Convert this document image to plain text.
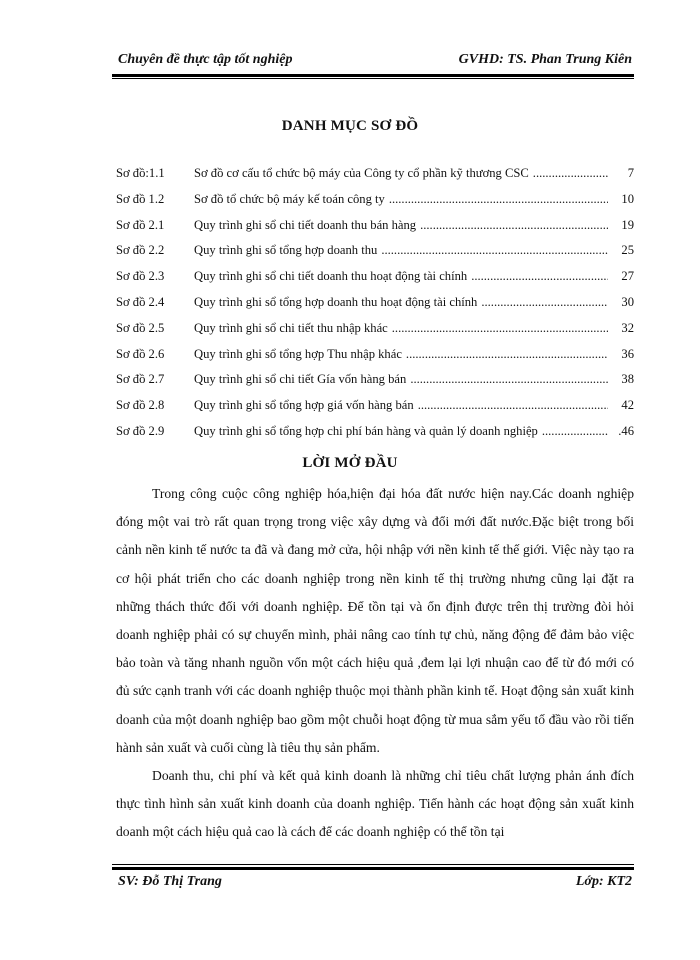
Chuyên đề thực tập tốt nghiệp	GVHD: TS. Phan Trung Kiên
DANH MỤC SƠ ĐỒ
Sơ đồ:1.1	Sơ đồ cơ cấu tổ chức bộ máy của Công ty cổ phần kỹ thương CSC .....	7
Sơ đồ 1.2	Sơ đồ tổ chức bộ máy kế toán công ty .....	10
Sơ đồ 2.1	Quy trình ghi sổ chi tiết doanh thu bán hàng .....	19
Sơ đồ 2.2	Quy trình ghi sổ tổng hợp doanh thu .....	25
Sơ đồ 2.3	Quy trình ghi sổ chi tiết doanh thu hoạt động tài chính .....	27
Sơ đồ 2.4	Quy trình ghi sổ tổng hợp doanh thu hoạt động tài chính .....	30
Sơ đồ 2.5	Quy trình ghi sổ chi tiết thu nhập khác .....	32
Sơ đồ 2.6	Quy trình ghi sổ tổng hợp Thu nhập khác .....	36
Sơ đồ 2.7	Quy trình ghi sổ chi tiết Gía vốn hàng bán .....	38
Sơ đồ 2.8	Quy trình ghi sổ tổng hợp giá vốn hàng bán .....	42
Sơ đồ 2.9	Quy trình ghi sổ tổng hợp chi phí bán hàng và quản lý doanh nghiệp .....	.46
LỜI MỞ ĐẦU

Trong công cuộc công nghiệp hóa,hiện đại hóa đất nước hiện nay.Các doanh nghiệp đóng một vai trò rất quan trọng trong việc xây dựng và đổi mới đất nước.Đặc biệt trong bối cảnh nền kinh tế nước ta đã và đang mở cửa, hội nhập với nền kinh tế thế giới. Việc này tạo ra cơ hội phát triển cho các doanh nghiệp trong nền kinh tế thị trường nhưng cũng lại đặt ra những thách thức đối với doanh nghiệp. Để tồn tại và ổn định được trên thị trường đòi hỏi doanh nghiệp phải có sự chuyển mình, phải nâng cao tính tự chủ, năng động để đảm bảo việc bảo toàn và tăng nhanh nguồn vốn một cách hiệu quả ,đem lại lợi nhuận cao để từ đó mới có đủ sức cạnh tranh với các doanh nghiệp thuộc mọi thành phần kinh tế. Hoạt động sản xuất kinh doanh của một doanh nghiệp bao gồm một chuỗi hoạt động từ mua sắm yếu tố đầu vào rồi tiến hành sản xuất và cuối cùng là tiêu thụ sản phẩm.

Doanh thu, chi phí và kết quả kinh doanh là những chỉ tiêu chất lượng phản ánh đích thực tình hình sản xuất kinh doanh của doanh nghiệp. Tiến hành các hoạt động sản xuất kinh doanh một cách hiệu quả cao là cách để các doanh nghiệp có thể tồn tại

SV: Đỗ Thị Trang	Lớp: KT2
